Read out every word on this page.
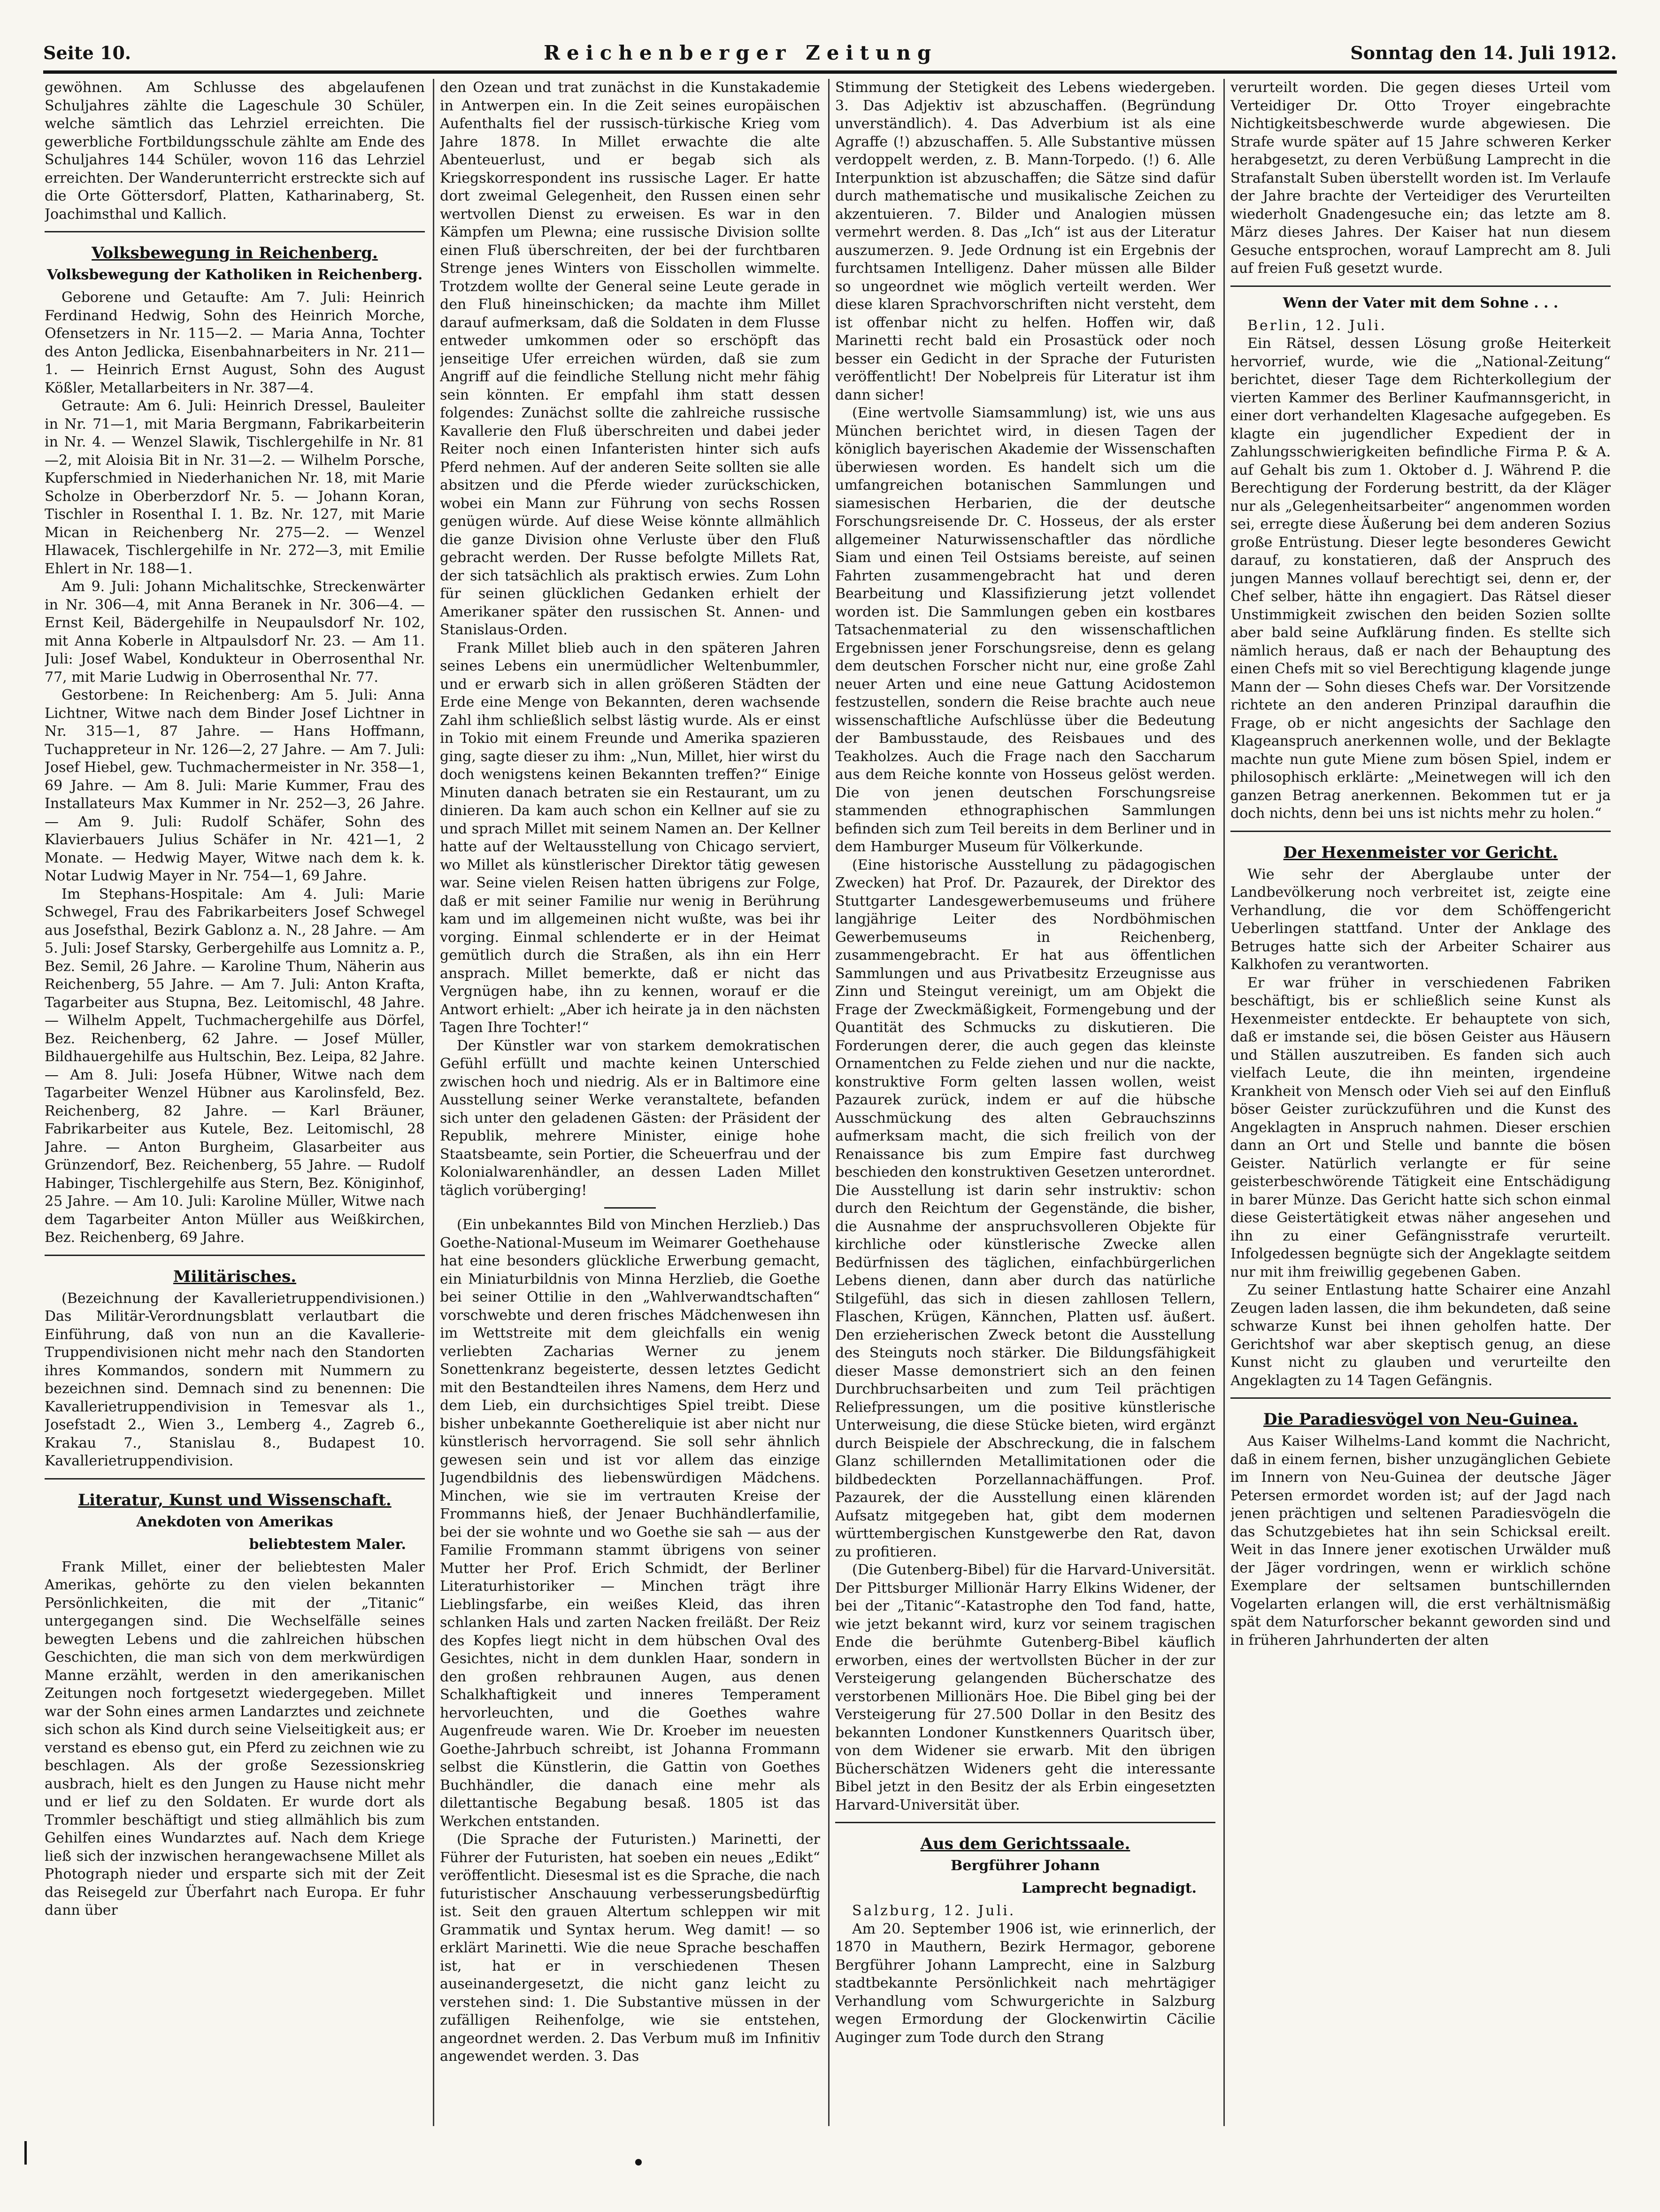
Seite 10.	Reichenberger Zeitung	Sonntag den 14. Juli 1912.

gewöhnen. Am Schlusse des abgelaufenen Schuljahres zählte die Lageschule 30 Schüler, welche sämtlich das Lehrziel erreichten. Die gewerbliche Fortbildungsschule zählte am Ende des Schuljahres 144 Schüler, wovon 116 das Lehrziel erreichten. Der Wanderunterricht erstreckte sich auf die Orte Göttersdorf, Platten, Katharinaberg, St. Joachimsthal und Kallich.

Volksbewegung in Reichenberg.
Volksbewegung der Katholiken in Reichenberg.

Geborene und Getaufte: Am 7. Juli: Heinrich Ferdinand Hedwig, Sohn des Heinrich Morche, Ofensetzers in Nr. 115—2. — Maria Anna, Tochter des Anton Jedlicka, Eisenbahnarbeiters in Nr. 211—1. — Heinrich Ernst August, Sohn des August Kößler, Metallarbeiters in Nr. 387—4.

Getraute: Am 6. Juli: Heinrich Dressel, Bauleiter in Nr. 71—1, mit Maria Bergmann, Fabrikarbeiterin in Nr. 4. — Wenzel Slawik, Tischlergehilfe in Nr. 81—2, mit Aloisia Bit in Nr. 31—2. — Wilhelm Porsche, Kupferschmied in Niederhanichen Nr. 18, mit Marie Scholze in Oberberzdorf Nr. 5. — Johann Koran, Tischler in Rosenthal I. 1. Bz. Nr. 127, mit Marie Mican in Reichenberg Nr. 275—2. — Wenzel Hlawacek, Tischlergehilfe in Nr. 272—3, mit Emilie Ehlert in Nr. 188—1.

Am 9. Juli: Johann Michalitschke, Streckenwärter in Nr. 306—4, mit Anna Beranek in Nr. 306—4. — Ernst Keil, Bädergehilfe in Neupaulsdorf Nr. 102, mit Anna Koberle in Altpaulsdorf Nr. 23. — Am 11. Juli: Josef Wabel, Kondukteur in Oberrosenthal Nr. 77, mit Marie Ludwig in Oberrosenthal Nr. 77.

Gestorbene: In Reichenberg: Am 5. Juli: Anna Lichtner, Witwe nach dem Binder Josef Lichtner in Nr. 315—1, 87 Jahre. — Hans Hoffmann, Tuchappreteur in Nr. 126—2, 27 Jahre. — Am 7. Juli: Josef Hiebel, gew. Tuchmachermeister in Nr. 358—1, 69 Jahre. — Am 8. Juli: Marie Kummer, Frau des Installateurs Max Kummer in Nr. 252—3, 26 Jahre. — Am 9. Juli: Rudolf Schäfer, Sohn des Klavierbauers Julius Schäfer in Nr. 421—1, 2 Monate. — Hedwig Mayer, Witwe nach dem k. k. Notar Ludwig Mayer in Nr. 754—1, 69 Jahre.

Im Stephans-Hospitale: Am 4. Juli: Marie Schwegel, Frau des Fabrikarbeiters Josef Schwegel aus Josefsthal, Bezirk Gablonz a. N., 28 Jahre. — Am 5. Juli: Josef Starsky, Gerbergehilfe aus Lomnitz a. P., Bez. Semil, 26 Jahre. — Karoline Thum, Näherin aus Reichenberg, 55 Jahre. — Am 7. Juli: Anton Krafta, Tagarbeiter aus Stupna, Bez. Leitomischl, 48 Jahre. — Wilhelm Appelt, Tuchmachergehilfe aus Dörfel, Bez. Reichenberg, 62 Jahre. — Josef Müller, Bildhauergehilfe aus Hultschin, Bez. Leipa, 82 Jahre. — Am 8. Juli: Josefa Hübner, Witwe nach dem Tagarbeiter Wenzel Hübner aus Karolinsfeld, Bez. Reichenberg, 82 Jahre. — Karl Bräuner, Fabrikarbeiter aus Kutele, Bez. Leitomischl, 28 Jahre. — Anton Burgheim, Glasarbeiter aus Grünzendorf, Bez. Reichenberg, 55 Jahre. — Rudolf Habinger, Tischlergehilfe aus Stern, Bez. Königinhof, 25 Jahre. — Am 10. Juli: Karoline Müller, Witwe nach dem Tagarbeiter Anton Müller aus Weißkirchen, Bez. Reichenberg, 69 Jahre.

Militärisches.

(Bezeichnung der Kavallerietruppendivisionen.) Das Militär-Verordnungsblatt verlautbart die Einführung, daß von nun an die Kavallerie-Truppendivisionen nicht mehr nach den Standorten ihres Kommandos, sondern mit Nummern zu bezeichnen sind. Demnach sind zu benennen: Die Kavallerietruppendivision in Temesvar als 1., Josefstadt 2., Wien 3., Lemberg 4., Zagreb 6., Krakau 7., Stanislau 8., Budapest 10. Kavallerietruppendivision.

Literatur, Kunst und Wissenschaft.
Anekdoten von Amerikas
beliebtestem Maler.

Frank Millet, einer der beliebtesten Maler Amerikas, gehörte zu den vielen bekannten Persönlichkeiten, die mit der „Titanic“ untergegangen sind. Die Wechselfälle seines bewegten Lebens und die zahlreichen hübschen Geschichten, die man sich von dem merkwürdigen Manne erzählt, werden in den amerikanischen Zeitungen noch fortgesetzt wiedergegeben. Millet war der Sohn eines armen Landarztes und zeichnete sich schon als Kind durch seine Vielseitigkeit aus; er verstand es ebenso gut, ein Pferd zu zeichnen wie zu beschlagen. Als der große Sezessionskrieg ausbrach, hielt es den Jungen zu Hause nicht mehr und er lief zu den Soldaten. Er wurde dort als Trommler beschäftigt und stieg allmählich bis zum Gehilfen eines Wundarztes auf. Nach dem Kriege ließ sich der inzwischen herangewachsene Millet als Photograph nieder und ersparte sich mit der Zeit das Reisegeld zur Überfahrt nach Europa. Er fuhr dann über

den Ozean und trat zunächst in die Kunstakademie in Antwerpen ein. In die Zeit seines europäischen Aufenthalts fiel der russisch-türkische Krieg vom Jahre 1878. In Millet erwachte die alte Abenteuerlust, und er begab sich als Kriegskorrespondent ins russische Lager. Er hatte dort zweimal Gelegenheit, den Russen einen sehr wertvollen Dienst zu erweisen. Es war in den Kämpfen um Plewna; eine russische Division sollte einen Fluß überschreiten, der bei der furchtbaren Strenge jenes Winters von Eisschollen wimmelte. Trotzdem wollte der General seine Leute gerade in den Fluß hineinschicken; da machte ihm Millet darauf aufmerksam, daß die Soldaten in dem Flusse entweder umkommen oder so erschöpft das jenseitige Ufer erreichen würden, daß sie zum Angriff auf die feindliche Stellung nicht mehr fähig sein könnten. Er empfahl ihm statt dessen folgendes: Zunächst sollte die zahlreiche russische Kavallerie den Fluß überschreiten und dabei jeder Reiter noch einen Infanteristen hinter sich aufs Pferd nehmen. Auf der anderen Seite sollten sie alle absitzen und die Pferde wieder zurückschicken, wobei ein Mann zur Führung von sechs Rossen genügen würde. Auf diese Weise könnte allmählich die ganze Division ohne Verluste über den Fluß gebracht werden. Der Russe befolgte Millets Rat, der sich tatsächlich als praktisch erwies. Zum Lohn für seinen glücklichen Gedanken erhielt der Amerikaner später den russischen St. Annen- und Stanislaus-Orden.

Frank Millet blieb auch in den späteren Jahren seines Lebens ein unermüdlicher Weltenbummler, und er erwarb sich in allen größeren Städten der Erde eine Menge von Bekannten, deren wachsende Zahl ihm schließlich selbst lästig wurde. Als er einst in Tokio mit einem Freunde und Amerika spazieren ging, sagte dieser zu ihm: „Nun, Millet, hier wirst du doch wenigstens keinen Bekannten treffen?“ Einige Minuten danach betraten sie ein Restaurant, um zu dinieren. Da kam auch schon ein Kellner auf sie zu und sprach Millet mit seinem Namen an. Der Kellner hatte auf der Weltausstellung von Chicago serviert, wo Millet als künstlerischer Direktor tätig gewesen war. Seine vielen Reisen hatten übrigens zur Folge, daß er mit seiner Familie nur wenig in Berührung kam und im allgemeinen nicht wußte, was bei ihr vorging. Einmal schlenderte er in der Heimat gemütlich durch die Straßen, als ihn ein Herr ansprach. Millet bemerkte, daß er nicht das Vergnügen habe, ihn zu kennen, worauf er die Antwort erhielt: „Aber ich heirate ja in den nächsten Tagen Ihre Tochter!“

Der Künstler war von starkem demokratischen Gefühl erfüllt und machte keinen Unterschied zwischen hoch und niedrig. Als er in Baltimore eine Ausstellung seiner Werke veranstaltete, befanden sich unter den geladenen Gästen: der Präsident der Republik, mehrere Minister, einige hohe Staatsbeamte, sein Portier, die Scheuerfrau und der Kolonialwarenhändler, an dessen Laden Millet täglich vorüberging!

(Ein unbekanntes Bild von Minchen Herzlieb.) Das Goethe-National-Museum im Weimarer Goethehause hat eine besonders glückliche Erwerbung gemacht, ein Miniaturbildnis von Minna Herzlieb, die Goethe bei seiner Ottilie in den „Wahlverwandtschaften“ vorschwebte und deren frisches Mädchenwesen ihn im Wettstreite mit dem gleichfalls ein wenig verliebten Zacharias Werner zu jenem Sonettenkranz begeisterte, dessen letztes Gedicht mit den Bestandteilen ihres Namens, dem Herz und dem Lieb, ein durchsichtiges Spiel treibt. Diese bisher unbekannte Goethereliquie ist aber nicht nur künstlerisch hervorragend. Sie soll sehr ähnlich gewesen sein und ist vor allem das einzige Jugendbildnis des liebenswürdigen Mädchens. Minchen, wie sie im vertrauten Kreise der Frommanns hieß, der Jenaer Buchhändlerfamilie, bei der sie wohnte und wo Goethe sie sah — aus der Familie Frommann stammt übrigens von seiner Mutter her Prof. Erich Schmidt, der Berliner Literaturhistoriker — Minchen trägt ihre Lieblingsfarbe, ein weißes Kleid, das ihren schlanken Hals und zarten Nacken freiläßt. Der Reiz des Kopfes liegt nicht in dem hübschen Oval des Gesichtes, nicht in dem dunklen Haar, sondern in den großen rehbraunen Augen, aus denen Schalkhaftigkeit und inneres Temperament hervorleuchten, und die Goethes wahre Augenfreude waren. Wie Dr. Kroeber im neuesten Goethe-Jahrbuch schreibt, ist Johanna Frommann selbst die Künstlerin, die Gattin von Goethes Buchhändler, die danach eine mehr als dilettantische Begabung besaß. 1805 ist das Werkchen entstanden.

(Die Sprache der Futuristen.) Marinetti, der Führer der Futuristen, hat soeben ein neues „Edikt“ veröffentlicht. Diesesmal ist es die Sprache, die nach futuristischer Anschauung verbesserungsbedürftig ist. Seit den grauen Altertum schleppen wir mit Grammatik und Syntax herum. Weg damit! — so erklärt Marinetti. Wie die neue Sprache beschaffen ist, hat er in verschiedenen Thesen auseinandergesetzt, die nicht ganz leicht zu verstehen sind: 1. Die Substantive müssen in der zufälligen Reihenfolge, wie sie entstehen, angeordnet werden. 2. Das Verbum muß im Infinitiv angewendet werden. 3. Das

Stimmung der Stetigkeit des Lebens wiedergeben. 3. Das Adjektiv ist abzuschaffen. (Begründung unverständlich). 4. Das Adverbium ist als eine Agraffe (!) abzuschaffen. 5. Alle Substantive müssen verdoppelt werden, z. B. Mann-Torpedo. (!) 6. Alle Interpunktion ist abzuschaffen; die Sätze sind dafür durch mathematische und musikalische Zeichen zu akzentuieren. 7. Bilder und Analogien müssen vermehrt werden. 8. Das „Ich“ ist aus der Literatur auszumerzen. 9. Jede Ordnung ist ein Ergebnis der furchtsamen Intelligenz. Daher müssen alle Bilder so ungeordnet wie möglich verteilt werden. Wer diese klaren Sprachvorschriften nicht versteht, dem ist offenbar nicht zu helfen. Hoffen wir, daß Marinetti recht bald ein Prosastück oder noch besser ein Gedicht in der Sprache der Futuristen veröffentlicht! Der Nobelpreis für Literatur ist ihm dann sicher!

(Eine wertvolle Siamsammlung) ist, wie uns aus München berichtet wird, in diesen Tagen der königlich bayerischen Akademie der Wissenschaften überwiesen worden. Es handelt sich um die umfangreichen botanischen Sammlungen und siamesischen Herbarien, die der deutsche Forschungsreisende Dr. C. Hosseus, der als erster allgemeiner Naturwissenschaftler das nördliche Siam und einen Teil Ostsiams bereiste, auf seinen Fahrten zusammengebracht hat und deren Bearbeitung und Klassifizierung jetzt vollendet worden ist. Die Sammlungen geben ein kostbares Tatsachenmaterial zu den wissenschaftlichen Ergebnissen jener Forschungsreise, denn es gelang dem deutschen Forscher nicht nur, eine große Zahl neuer Arten und eine neue Gattung Acidostemon festzustellen, sondern die Reise brachte auch neue wissenschaftliche Aufschlüsse über die Bedeutung der Bambusstaude, des Reisbaues und des Teakholzes. Auch die Frage nach den Saccharum aus dem Reiche konnte von Hosseus gelöst werden. Die von jenen deutschen Forschungsreise stammenden ethnographischen Sammlungen befinden sich zum Teil bereits in dem Berliner und in dem Hamburger Museum für Völkerkunde.

(Eine historische Ausstellung zu pädagogischen Zwecken) hat Prof. Dr. Pazaurek, der Direktor des Stuttgarter Landesgewerbemuseums und frühere langjährige Leiter des Nordböhmischen Gewerbemuseums in Reichenberg, zusammengebracht. Er hat aus öffentlichen Sammlungen und aus Privatbesitz Erzeugnisse aus Zinn und Steingut vereinigt, um am Objekt die Frage der Zweckmäßigkeit, Formengebung und der Quantität des Schmucks zu diskutieren. Die Forderungen derer, die auch gegen das kleinste Ornamentchen zu Felde ziehen und nur die nackte, konstruktive Form gelten lassen wollen, weist Pazaurek zurück, indem er auf die hübsche Ausschmückung des alten Gebrauchszinns aufmerksam macht, die sich freilich von der Renaissance bis zum Empire fast durchweg beschieden den konstruktiven Gesetzen unterordnet. Die Ausstellung ist darin sehr instruktiv: schon durch den Reichtum der Gegenstände, die bisher, die Ausnahme der anspruchsvolleren Objekte für kirchliche oder künstlerische Zwecke allen Bedürfnissen des täglichen, einfachbürgerlichen Lebens dienen, dann aber durch das natürliche Stilgefühl, das sich in diesen zahllosen Tellern, Flaschen, Krügen, Kännchen, Platten usf. äußert. Den erzieherischen Zweck betont die Ausstellung des Steinguts noch stärker. Die Bildungsfähigkeit dieser Masse demonstriert sich an den feinen Durchbruchsarbeiten und zum Teil prächtigen Reliefpressungen, um die positive künstlerische Unterweisung, die diese Stücke bieten, wird ergänzt durch Beispiele der Abschreckung, die in falschem Glanz schillernden Metallimitationen oder die bildbedeckten Porzellannachäffungen. Prof. Pazaurek, der die Ausstellung einen klärenden Aufsatz mitgegeben hat, gibt dem modernen württembergischen Kunstgewerbe den Rat, davon zu profitieren.

(Die Gutenberg-Bibel) für die Harvard-Universität. Der Pittsburger Millionär Harry Elkins Widener, der bei der „Titanic“-Katastrophe den Tod fand, hatte, wie jetzt bekannt wird, kurz vor seinem tragischen Ende die berühmte Gutenberg-Bibel käuflich erworben, eines der wertvollsten Bücher in der zur Versteigerung gelangenden Bücherschatze des verstorbenen Millionärs Hoe. Die Bibel ging bei der Versteigerung für 27.500 Dollar in den Besitz des bekannten Londoner Kunstkenners Quaritsch über, von dem Widener sie erwarb. Mit den übrigen Bücherschätzen Wideners geht die interessante Bibel jetzt in den Besitz der als Erbin eingesetzten Harvard-Universität über.

Aus dem Gerichtssaale.
Bergführer Johann
Lamprecht begnadigt.

Salzburg, 12. Juli.

Am 20. September 1906 ist, wie erinnerlich, der 1870 in Mauthern, Bezirk Hermagor, geborene Bergführer Johann Lamprecht, eine in Salzburg stadtbekannte Persönlichkeit nach mehrtägiger Verhandlung vom Schwurgerichte in Salzburg wegen Ermordung der Glockenwirtin Cäcilie Auginger zum Tode durch den Strang

verurteilt worden. Die gegen dieses Urteil vom Verteidiger Dr. Otto Troyer eingebrachte Nichtigkeitsbeschwerde wurde abgewiesen. Die Strafe wurde später auf 15 Jahre schweren Kerker herabgesetzt, zu deren Verbüßung Lamprecht in die Strafanstalt Suben überstellt worden ist. Im Verlaufe der Jahre brachte der Verteidiger des Verurteilten wiederholt Gnadengesuche ein; das letzte am 8. März dieses Jahres. Der Kaiser hat nun diesem Gesuche entsprochen, worauf Lamprecht am 8. Juli auf freien Fuß gesetzt wurde.

Wenn der Vater mit dem Sohne . . .

Berlin, 12. Juli.

Ein Rätsel, dessen Lösung große Heiterkeit hervorrief, wurde, wie die „National-Zeitung“ berichtet, dieser Tage dem Richterkollegium der vierten Kammer des Berliner Kaufmannsgericht, in einer dort verhandelten Klagesache aufgegeben. Es klagte ein jugendlicher Expedient der in Zahlungsschwierigkeiten befindliche Firma P. & A. auf Gehalt bis zum 1. Oktober d. J. Während P. die Berechtigung der Forderung bestritt, da der Kläger nur als „Gelegenheitsarbeiter“ angenommen worden sei, erregte diese Äußerung bei dem anderen Sozius große Entrüstung. Dieser legte besonderes Gewicht darauf, zu konstatieren, daß der Anspruch des jungen Mannes vollauf berechtigt sei, denn er, der Chef selber, hätte ihn engagiert. Das Rätsel dieser Unstimmigkeit zwischen den beiden Sozien sollte aber bald seine Aufklärung finden. Es stellte sich nämlich heraus, daß er nach der Behauptung des einen Chefs mit so viel Berechtigung klagende junge Mann der — Sohn dieses Chefs war. Der Vorsitzende richtete an den anderen Prinzipal daraufhin die Frage, ob er nicht angesichts der Sachlage den Klageanspruch anerkennen wolle, und der Beklagte machte nun gute Miene zum bösen Spiel, indem er philosophisch erklärte: „Meinetwegen will ich den ganzen Betrag anerkennen. Bekommen tut er ja doch nichts, denn bei uns ist nichts mehr zu holen.“

Der Hexenmeister vor Gericht.

Wie sehr der Aberglaube unter der Landbevölkerung noch verbreitet ist, zeigte eine Verhandlung, die vor dem Schöffengericht Ueberlingen stattfand. Unter der Anklage des Betruges hatte sich der Arbeiter Schairer aus Kalkhofen zu verantworten.

Er war früher in verschiedenen Fabriken beschäftigt, bis er schließlich seine Kunst als Hexenmeister entdeckte. Er behauptete von sich, daß er imstande sei, die bösen Geister aus Häusern und Ställen auszutreiben. Es fanden sich auch vielfach Leute, die ihn meinten, irgendeine Krankheit von Mensch oder Vieh sei auf den Einfluß böser Geister zurückzuführen und die Kunst des Angeklagten in Anspruch nahmen. Dieser erschien dann an Ort und Stelle und bannte die bösen Geister. Natürlich verlangte er für seine geisterbeschwörende Tätigkeit eine Entschädigung in barer Münze. Das Gericht hatte sich schon einmal diese Geistertätigkeit etwas näher angesehen und ihn zu einer Gefängnisstrafe verurteilt. Infolgedessen begnügte sich der Angeklagte seitdem nur mit ihm freiwillig gegebenen Gaben.

Zu seiner Entlastung hatte Schairer eine Anzahl Zeugen laden lassen, die ihm bekundeten, daß seine schwarze Kunst bei ihnen geholfen hatte. Der Gerichtshof war aber skeptisch genug, an diese Kunst nicht zu glauben und verurteilte den Angeklagten zu 14 Tagen Gefängnis.

Die Paradiesvögel von Neu-Guinea.

Aus Kaiser Wilhelms-Land kommt die Nachricht, daß in einem fernen, bisher unzugänglichen Gebiete im Innern von Neu-Guinea der deutsche Jäger Petersen ermordet worden ist; auf der Jagd nach jenen prächtigen und seltenen Paradiesvögeln die das Schutzgebietes hat ihn sein Schicksal ereilt. Weit in das Innere jener exotischen Urwälder muß der Jäger vordringen, wenn er wirklich schöne Exemplare der seltsamen buntschillernden Vogelarten erlangen will, die erst verhältnismäßig spät dem Naturforscher bekannt geworden sind und in früheren Jahrhunderten der alten
